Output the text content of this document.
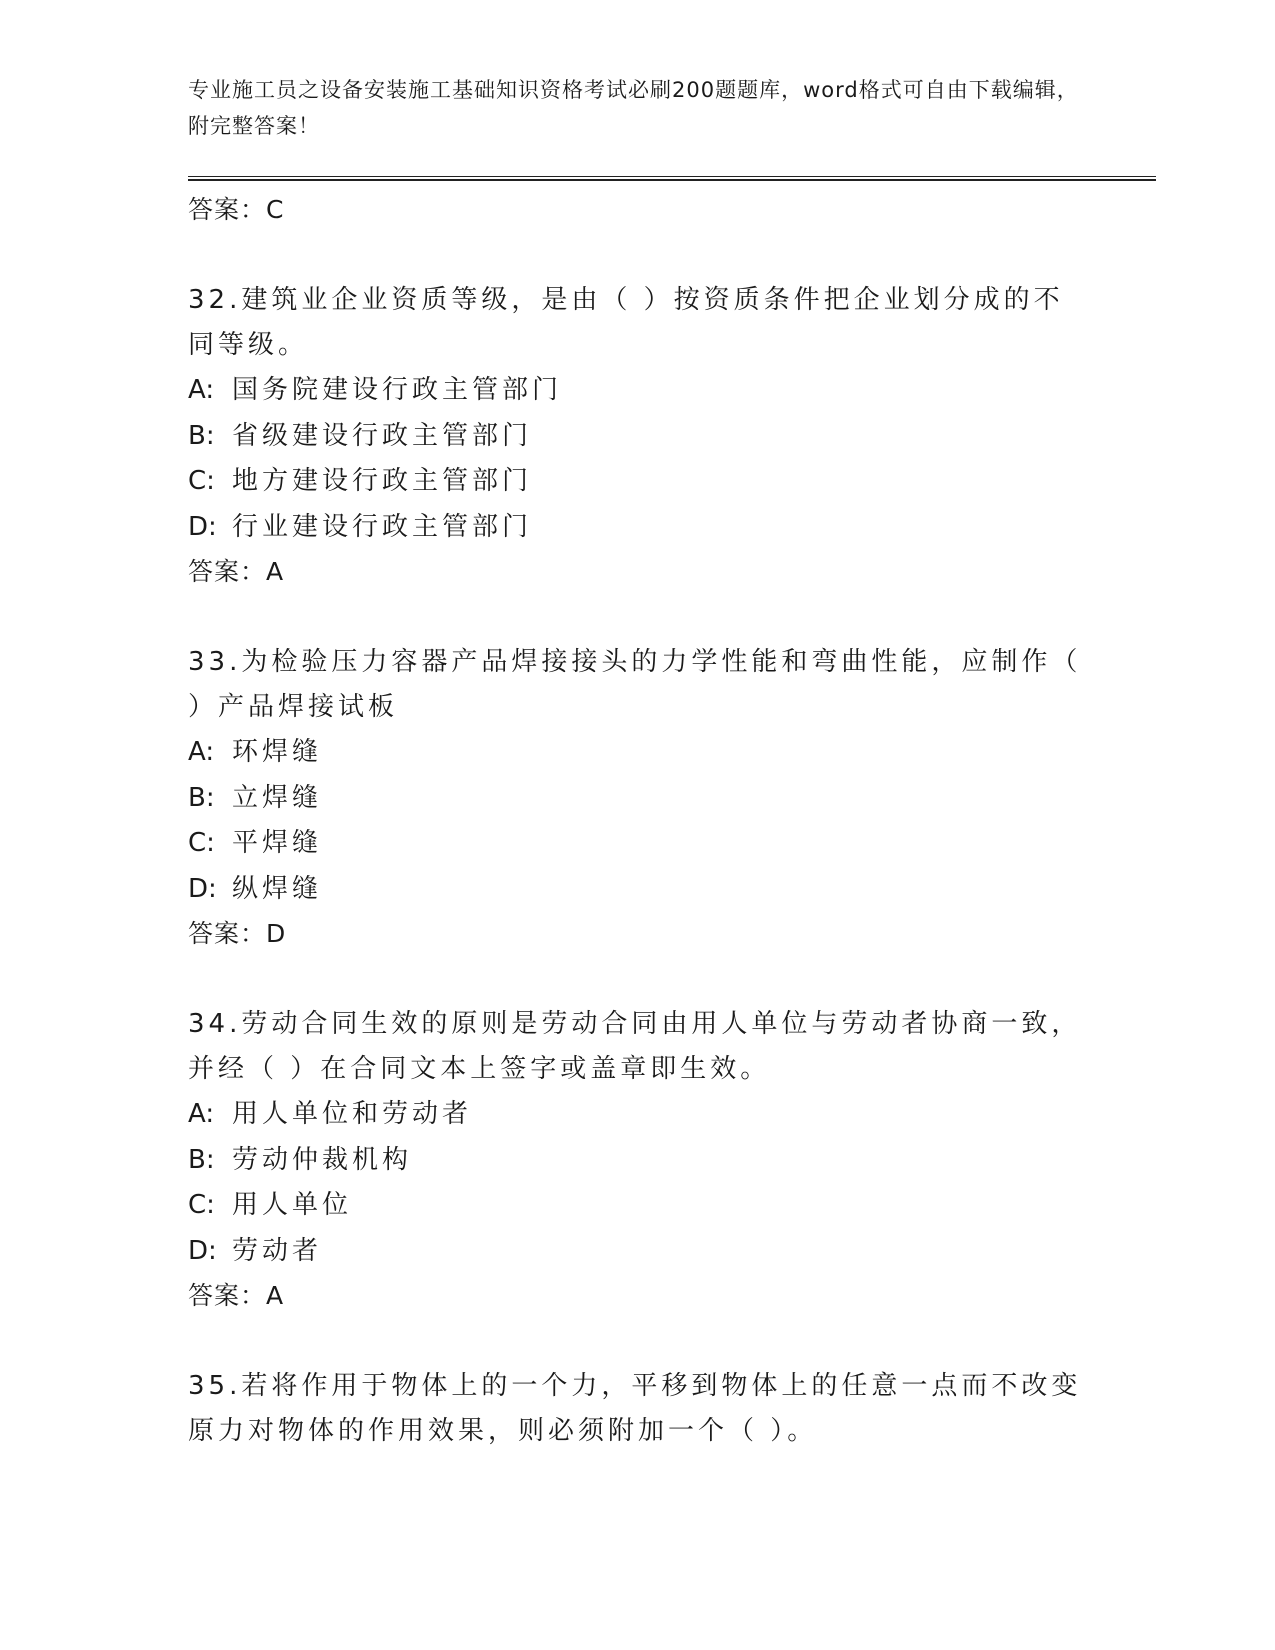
专业施工员之设备安装施工基础知识资格考试必刷200题题库，word格式可自由下载编辑，附完整答案！
答案：C
32.建筑业企业资质等级，是由（ ）按资质条件把企业划分成的不同等级。
A: 国务院建设行政主管部门
B: 省级建设行政主管部门
C: 地方建设行政主管部门
D: 行业建设行政主管部门
答案：A
33.为检验压力容器产品焊接接头的力学性能和弯曲性能，应制作（ ）产品焊接试板
A: 环焊缝
B: 立焊缝
C: 平焊缝
D: 纵焊缝
答案：D
34.劳动合同生效的原则是劳动合同由用人单位与劳动者协商一致，并经（ ）在合同文本上签字或盖章即生效。
A: 用人单位和劳动者
B: 劳动仲裁机构
C: 用人单位
D: 劳动者
答案：A
35.若将作用于物体上的一个力，平移到物体上的任意一点而不改变原力对物体的作用效果，则必须附加一个（ ）。
